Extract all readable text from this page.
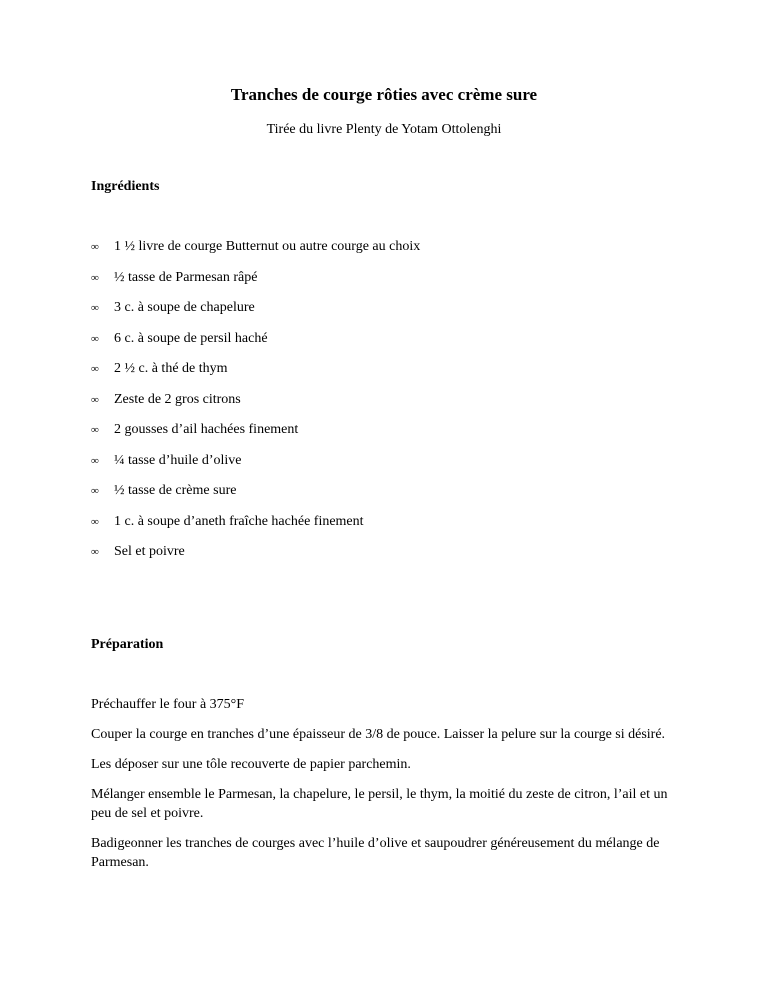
Tranches de courge rôties avec crème sure
Tirée du livre Plenty de Yotam Ottolenghi
Ingrédients
∞	1 ½ livre de courge Butternut ou autre courge au choix
∞	½ tasse de Parmesan râpé
∞	3 c. à soupe de chapelure
∞	6 c. à soupe de persil haché
∞	2 ½ c. à thé de thym
∞	Zeste de 2 gros citrons
∞	2 gousses d’ail hachées finement
∞	¼ tasse d’huile d’olive
∞	½ tasse de crème sure
∞	1 c. à soupe d’aneth fraîche hachée finement
∞	Sel et poivre
Préparation

Préchauffer le four à 375°F

Couper la courge en tranches d’une épaisseur de 3/8 de pouce. Laisser la pelure sur la courge si désiré.

Les déposer sur une tôle recouverte de papier parchemin.

Mélanger ensemble le Parmesan, la chapelure, le persil, le thym, la moitié du zeste de citron, l’ail et un peu de sel et poivre.

Badigeonner les tranches de courges avec l’huile d’olive et saupoudrer généreusement du mélange de Parmesan.
